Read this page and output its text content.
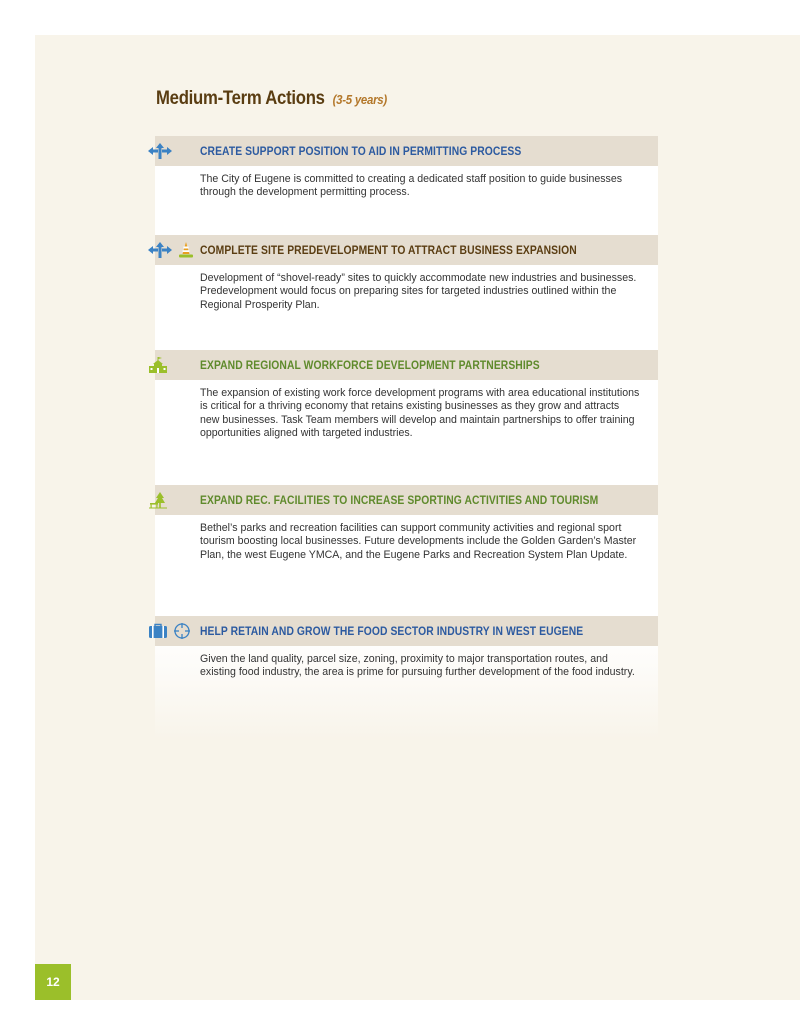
Medium-Term Actions (3-5 years)
CREATE SUPPORT POSITION TO AID IN PERMITTING PROCESS
The City of Eugene is committed to creating a dedicated staff position to guide businesses through the development permitting process.
COMPLETE SITE PREDEVELOPMENT TO ATTRACT BUSINESS EXPANSION
Development of “shovel-ready” sites to quickly accommodate new industries and businesses. Predevelopment would focus on preparing sites for targeted industries outlined within the Regional Prosperity Plan.
EXPAND REGIONAL WORKFORCE DEVELOPMENT PARTNERSHIPS
The expansion of existing work force development programs with area educational institutions is critical for a thriving economy that retains existing businesses as they grow and attracts new businesses. Task Team members will develop and maintain partnerships to offer training opportunities aligned with targeted industries.
EXPAND REC. FACILITIES TO INCREASE SPORTING ACTIVITIES AND TOURISM
Bethel’s parks and recreation facilities can support community activities and regional sport tourism boosting local businesses. Future developments include the Golden Garden’s Master Plan, the west Eugene YMCA, and the Eugene Parks and Recreation System Plan Update.
HELP RETAIN AND GROW THE FOOD SECTOR INDUSTRY IN WEST EUGENE
Given the land quality, parcel size, zoning, proximity to major transportation routes, and existing food industry, the area is prime for pursuing further development of the food industry.
12
